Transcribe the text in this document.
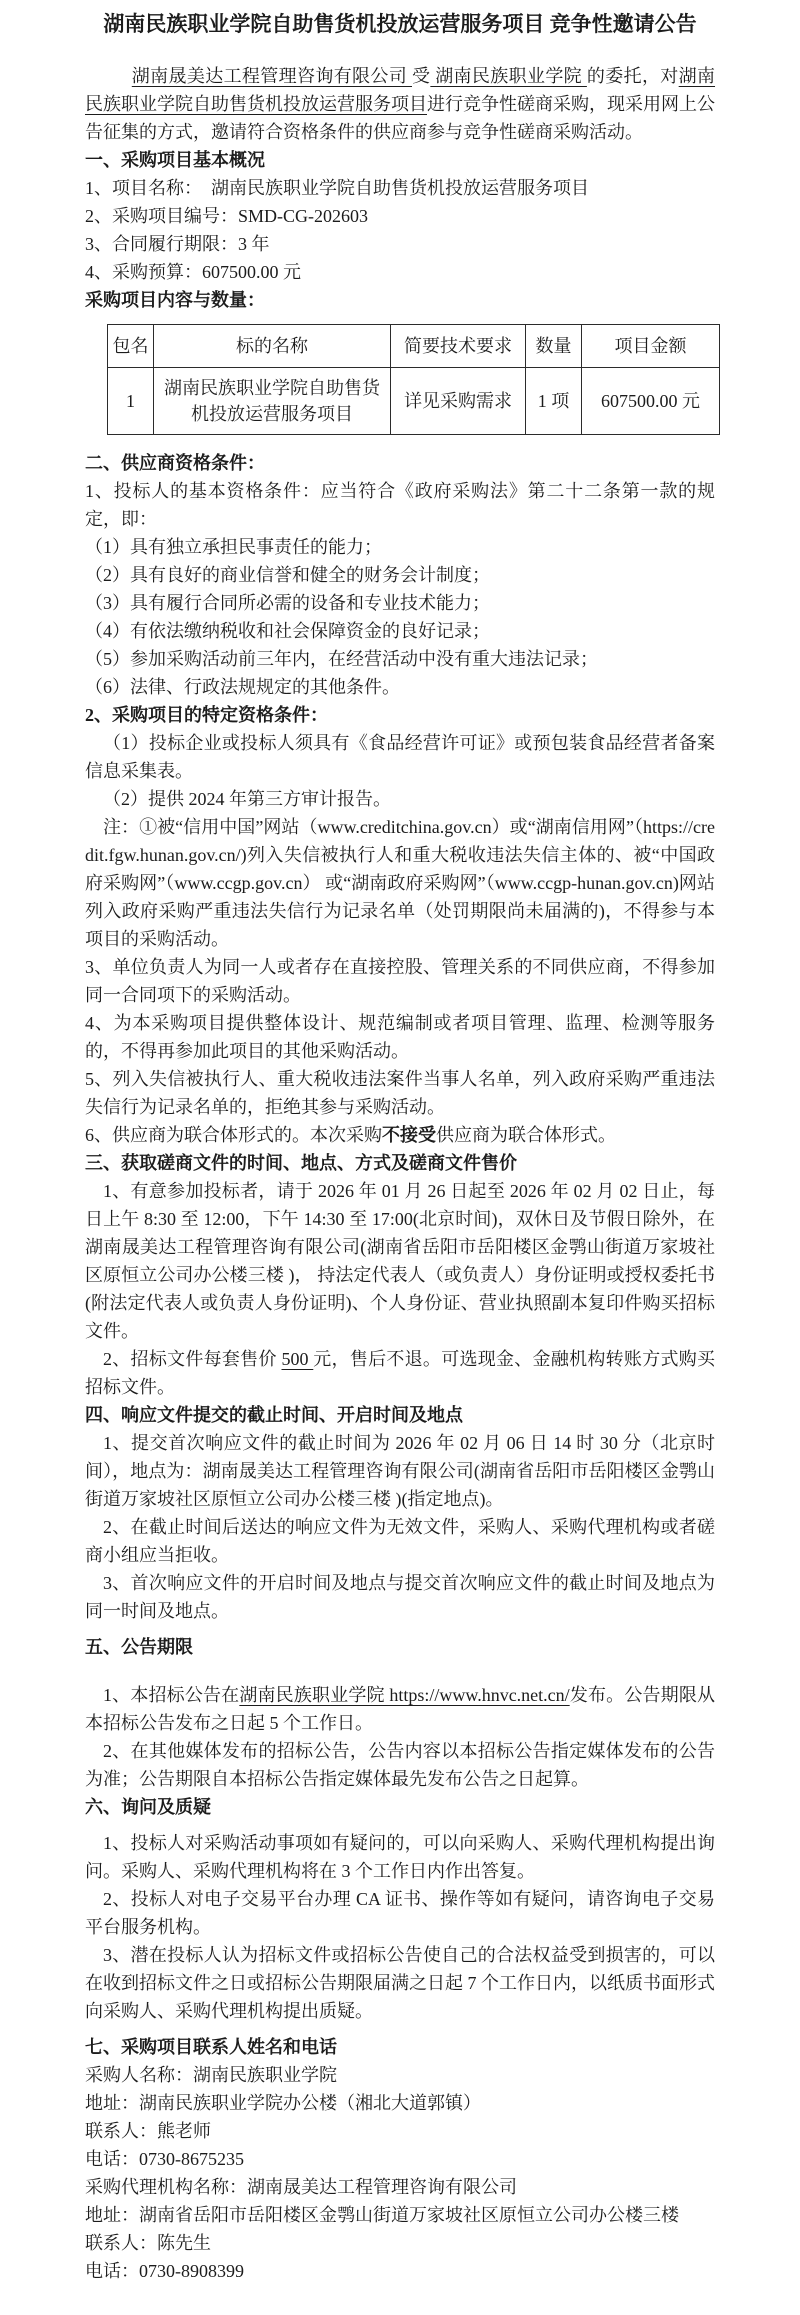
湖南民族职业学院自助售货机投放运营服务项目 竞争性邀请公告
湖南晟美达工程管理咨询有限公司 受 湖南民族职业学院 的委托，对湖南民族职业学院自助售货机投放运营服务项目进行竞争性磋商采购，现采用网上公告征集的方式，邀请符合资格条件的供应商参与竞争性磋商采购活动。
一、采购项目基本概况
1、项目名称：  湖南民族职业学院自助售货机投放运营服务项目
2、采购项目编号：SMD-CG-202603
3、合同履行期限：3 年
4、采购预算：607500.00 元
采购项目内容与数量：
包名	标的名称	简要技术要求	数量	项目金额
1	湖南民族职业学院自助售货机投放运营服务项目	详见采购需求	1 项	607500.00 元
二、供应商资格条件：
1、投标人的基本资格条件：应当符合《政府采购法》第二十二条第一款的规定，即：
（1）具有独立承担民事责任的能力；
（2）具有良好的商业信誉和健全的财务会计制度；
（3）具有履行合同所必需的设备和专业技术能力；
（4）有依法缴纳税收和社会保障资金的良好记录；
（5）参加采购活动前三年内，在经营活动中没有重大违法记录；
（6）法律、行政法规规定的其他条件。
2、采购项目的特定资格条件：
（1）投标企业或投标人须具有《食品经营许可证》或预包装食品经营者备案信息采集表。
（2）提供 2024 年第三方审计报告。
注：①被“信用中国”网站（www.creditchina.gov.cn）或“湖南信用网”（https://credit.fgw.hunan.gov.cn/)列入失信被执行人和重大税收违法失信主体的、被“中国政府采购网”（www.ccgp.gov.cn） 或“湖南政府采购网”（www.ccgp-hunan.gov.cn)网站列入政府采购严重违法失信行为记录名单（处罚期限尚未届满的)，不得参与本项目的采购活动。
3、单位负责人为同一人或者存在直接控股、管理关系的不同供应商，不得参加同一合同项下的采购活动。
4、为本采购项目提供整体设计、规范编制或者项目管理、监理、检测等服务的，不得再参加此项目的其他采购活动。
5、列入失信被执行人、重大税收违法案件当事人名单，列入政府采购严重违法失信行为记录名单的，拒绝其参与采购活动。
6、供应商为联合体形式的。本次采购不接受供应商为联合体形式。
三、获取磋商文件的时间、地点、方式及磋商文件售价
1、有意参加投标者，请于 2026 年 01 月 26 日起至 2026 年 02 月 02 日止，每日上午 8:30 至 12:00，下午 14:30 至 17:00(北京时间)，双休日及节假日除外，在湖南晟美达工程管理咨询有限公司(湖南省岳阳市岳阳楼区金鹗山街道万家坡社区原恒立公司办公楼三楼 )， 持法定代表人（或负责人）身份证明或授权委托书(附法定代表人或负责人身份证明)、个人身份证、营业执照副本复印件购买招标文件。
2、招标文件每套售价 500 元，售后不退。可选现金、金融机构转账方式购买招标文件。
四、响应文件提交的截止时间、开启时间及地点
1、提交首次响应文件的截止时间为 2026 年 02 月 06 日 14 时 30 分（北京时间），地点为：湖南晟美达工程管理咨询有限公司(湖南省岳阳市岳阳楼区金鹗山街道万家坡社区原恒立公司办公楼三楼 )(指定地点)。
2、在截止时间后送达的响应文件为无效文件，采购人、采购代理机构或者磋商小组应当拒收。
3、首次响应文件的开启时间及地点与提交首次响应文件的截止时间及地点为同一时间及地点。
五、公告期限
1、本招标公告在湖南民族职业学院 https://www.hnvc.net.cn/发布。公告期限从本招标公告发布之日起 5 个工作日。
2、在其他媒体发布的招标公告，公告内容以本招标公告指定媒体发布的公告为准；公告期限自本招标公告指定媒体最先发布公告之日起算。
六、询问及质疑
1、投标人对采购活动事项如有疑问的，可以向采购人、采购代理机构提出询问。采购人、采购代理机构将在 3 个工作日内作出答复。
2、投标人对电子交易平台办理 CA 证书、操作等如有疑问，请咨询电子交易平台服务机构。
3、潜在投标人认为招标文件或招标公告使自己的合法权益受到损害的，可以在收到招标文件之日或招标公告期限届满之日起 7 个工作日内，以纸质书面形式向采购人、采购代理机构提出质疑。
七、采购项目联系人姓名和电话
采购人名称：湖南民族职业学院
地址：湖南民族职业学院办公楼（湘北大道郭镇）
联系人：熊老师
电话：0730-8675235
采购代理机构名称：湖南晟美达工程管理咨询有限公司
地址：湖南省岳阳市岳阳楼区金鹗山街道万家坡社区原恒立公司办公楼三楼
联系人：陈先生
电话：0730-8908399
